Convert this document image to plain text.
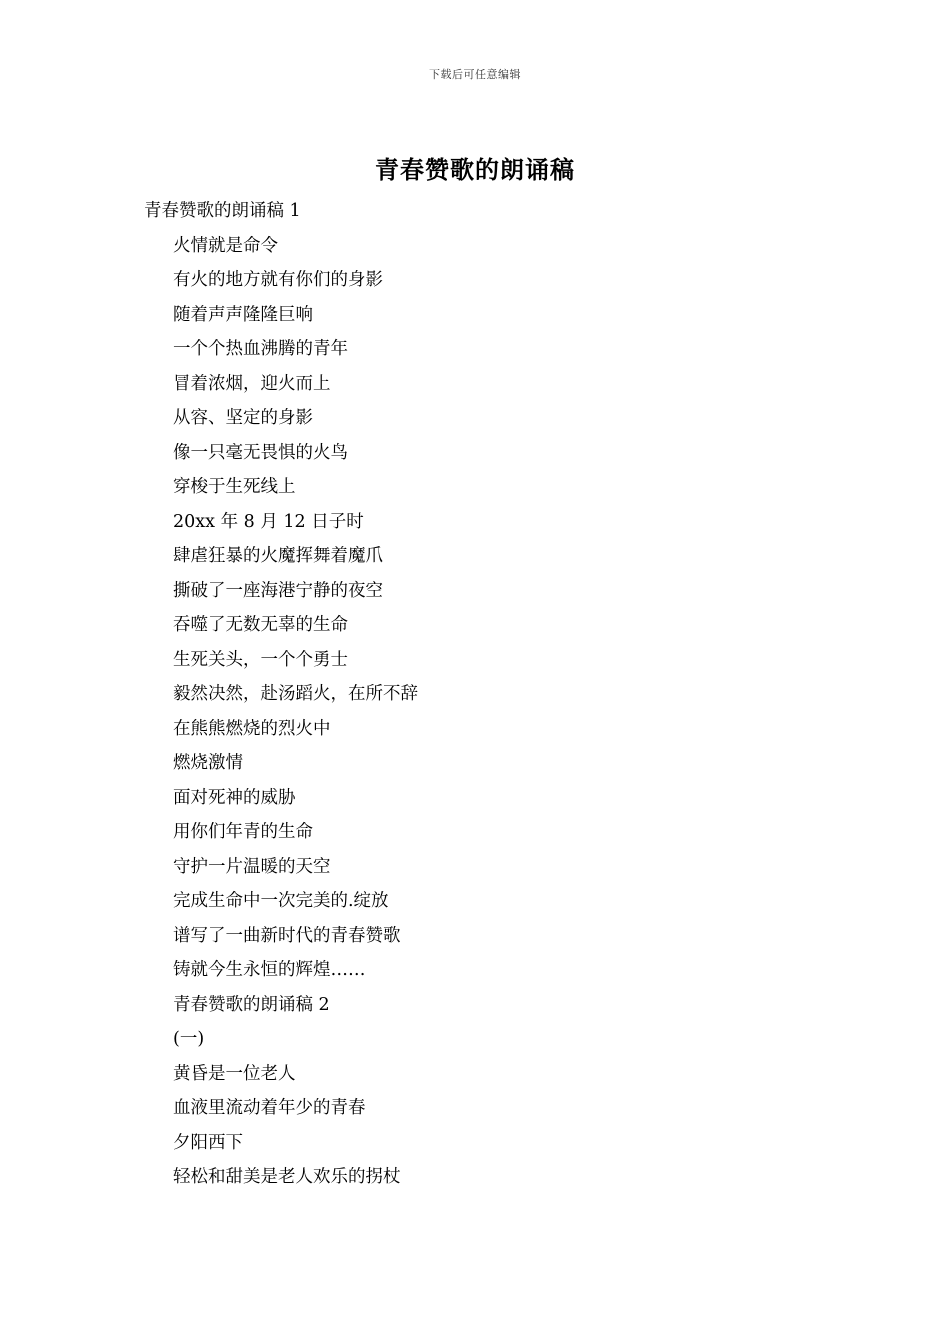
下载后可任意编辑
青春赞歌的朗诵稿
青春赞歌的朗诵稿 1
火情就是命令
有火的地方就有你们的身影
随着声声隆隆巨响
一个个热血沸腾的青年
冒着浓烟，迎火而上
从容、坚定的身影
像一只毫无畏惧的火鸟
穿梭于生死线上
20xx 年 8 月 12 日子时
肆虐狂暴的火魔挥舞着魔爪
撕破了一座海港宁静的夜空
吞噬了无数无辜的生命
生死关头，一个个勇士
毅然决然，赴汤蹈火，在所不辞
在熊熊燃烧的烈火中
燃烧激情
面对死神的威胁
用你们年青的生命
守护一片温暖的天空
完成生命中一次完美的.绽放
谱写了一曲新时代的青春赞歌
铸就今生永恒的辉煌……
青春赞歌的朗诵稿 2
(一)
黄昏是一位老人
血液里流动着年少的青春
夕阳西下
轻松和甜美是老人欢乐的拐杖
